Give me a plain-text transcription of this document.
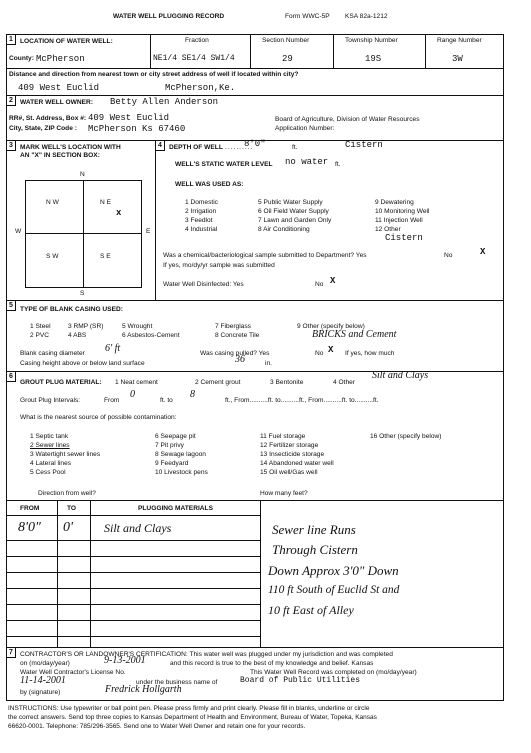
WATER WELL PLUGGING RECORD	Form WWC-5P KSA 82a-1212
1	LOCATION OF WATER WELL:	Fraction	Section Number	Township Number	Range Number
County: McPherson	NE1/4 SE1/4 SW1/4	29	19S	3W
Distance and direction from nearest town or city street address of well if located within city?
409 West Euclid	McPherson,Ke.
2	WATER WELL OWNER: Betty Allen Anderson
RR#, St. Address, Box #: 409 West Euclid
City, State, ZIP Code : McPherson Ks 67460
Board of Agriculture, Division of Water Resources
Application Number:
3	MARK WELL'S LOCATION WITH
AN "X" IN SECTION BOX:
N
S
W	E
N W	N E
S W	S E
x
4	DEPTH OF WELL ..........
8'0"	ft.	Cistern
WELL'S STATIC WATER LEVEL no water ft.
WELL WAS USED AS:
1 Domestic
2 Irrigation
3 Feedlot
4 Industrial
5 Public Water Supply
6 Oil Field Water Supply
7 Lawn and Garden Only
8 Air Conditioning
9 Dewatering
10 Monitoring Well
11 Injection Well
12 Other
Cistern
Was a chemical/bacteriological sample submitted to Department? Yes	No	X
If yes, mo/dy/yr sample was submitted
Water Well Disinfected: Yes	No X
5
TYPE OF BLANK CASING USED:
1 Steel
2 PVC
3 RMP (SR)
4 ABS
5 Wrought
6 Asbestos-Cement
7 Fiberglass
8 Concrete Tile
9 Other (specify below)
BRICKS and Cement
Blank casing diameter 6' ft	Was casing pulled? Yes	No X If yes, how much
Casing height above or below land surface	36	in.
6
GROUT PLUG MATERIAL: 1 Neat cement	2 Cement grout	3 Bentonite	4 Other
Silt and Clays
Grout Plug Intervals:	From
0
ft. to
8
ft., From..........ft. to..........ft., From..........ft. to..........ft.
What is the nearest source of possible contamination:
1 Septic tank
2 Sewer lines
3 Watertight sewer lines
4 Lateral lines
5 Cess Pool
6 Seepage pit
7 Pit privy
8 Sewage lagoon
9 Feedyard
10 Livestock pens
11 Fuel storage
12 Fertilizer storage
13 Insecticide storage
14 Abandoned water well
15 Oil well/Gas well
16 Other (specify below)
Direction from well?	How many feet?
FROM	TO	PLUGGING MATERIALS
8'0" 0'	Silt and Clays	Sewer line Runs
Through Cistern
Down Approx 3'0" Down
110 ft South of Euclid St and
10 ft East of Alley
7	CONTRACTOR'S OR LANDOWNER'S CERTIFICATION: This water well was plugged under my jurisdiction and was completed
on (mo/day/year)	9-13-2001	and this record is true to the best of my knowledge and belief. Kansas
Water Well Contractor's License No.	This Water Well Record was completed on (mo/day/year)
11-14-2001	under the business name of	Board of Public Utilities
by (signature)	Fredrick Hollgarth
INSTRUCTIONS: Use typewriter or ball point pen. Please press firmly and print clearly. Please fill in blanks, underline or circle
the correct answers. Send top three copies to Kansas Department of Health and Environment, Bureau of Water, Topeka, Kansas
66620-0001. Telephone: 785/296-3565. Send one to Water Well Owner and retain one for your records.
